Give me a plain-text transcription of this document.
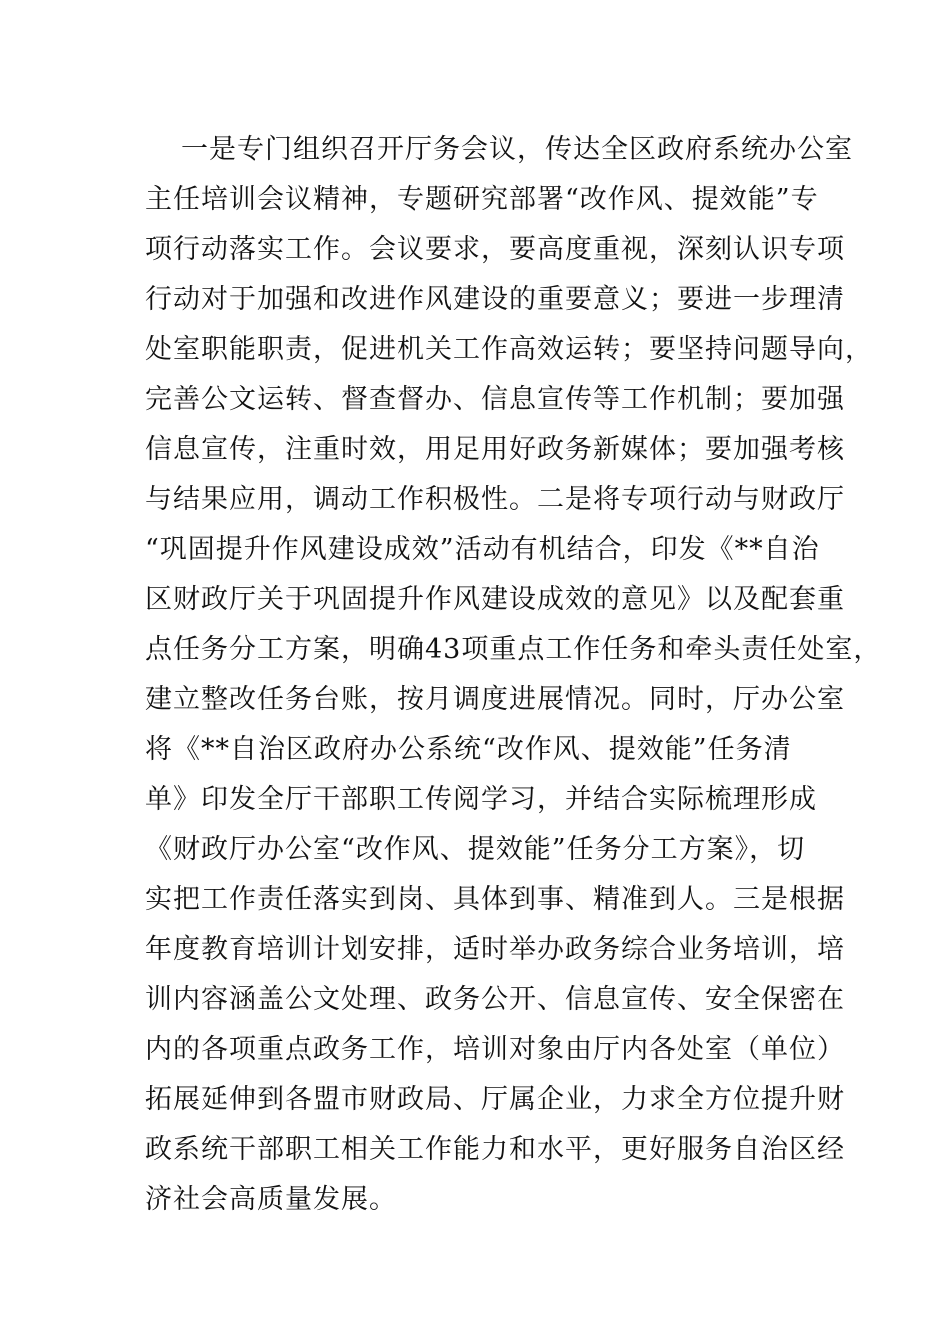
一是专门组织召开厅务会议，传达全区政府系统办公室
主任培训会议精神，专题研究部署“改作风、提效能”专
项行动落实工作。会议要求，要高度重视，深刻认识专项
行动对于加强和改进作风建设的重要意义；要进一步理清
处室职能职责，促进机关工作高效运转；要坚持问题导向，
完善公文运转、督查督办、信息宣传等工作机制；要加强
信息宣传，注重时效，用足用好政务新媒体；要加强考核
与结果应用，调动工作积极性。二是将专项行动与财政厅
“巩固提升作风建设成效”活动有机结合，印发《**自治
区财政厅关于巩固提升作风建设成效的意见》以及配套重
点任务分工方案，明确43项重点工作任务和牵头责任处室，
建立整改任务台账，按月调度进展情况。同时，厅办公室
将《**自治区政府办公系统“改作风、提效能”任务清
单》印发全厅干部职工传阅学习，并结合实际梳理形成
《财政厅办公室“改作风、提效能”任务分工方案》，切
实把工作责任落实到岗、具体到事、精准到人。三是根据
年度教育培训计划安排，适时举办政务综合业务培训，培
训内容涵盖公文处理、政务公开、信息宣传、安全保密在
内的各项重点政务工作，培训对象由厅内各处室（单位）
拓展延伸到各盟市财政局、厅属企业，力求全方位提升财
政系统干部职工相关工作能力和水平，更好服务自治区经
济社会高质量发展。
